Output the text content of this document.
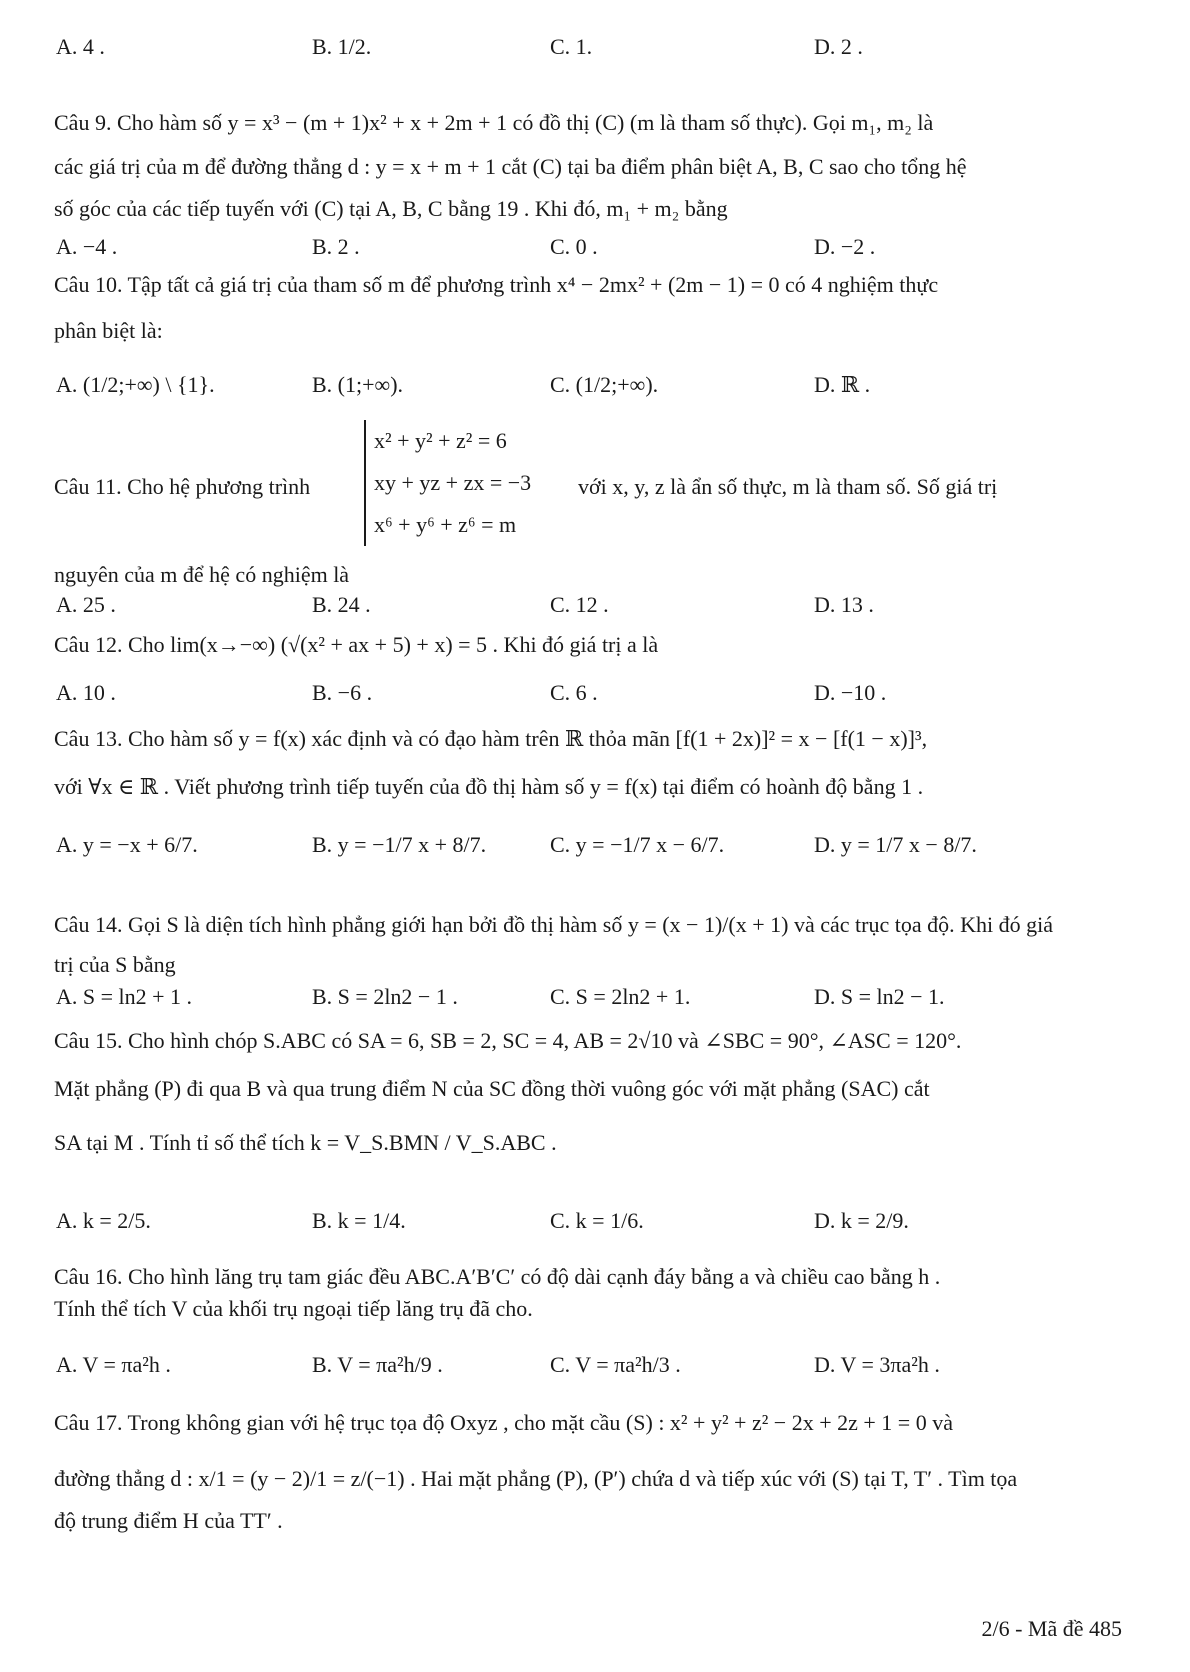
A. 4 .	B. 1/2.	C. 1.	D. 2 .
Câu 9. Cho hàm số y = x³ − (m + 1)x² + x + 2m + 1 có đồ thị (C) (m là tham số thực). Gọi m₁, m₂ là
các giá trị của m để đường thẳng d : y = x + m + 1 cắt (C) tại ba điểm phân biệt A, B, C sao cho tổng hệ
số góc của các tiếp tuyến với (C) tại A, B, C bằng 19 . Khi đó, m₁ + m₂ bằng
A. −4 .	B. 2 .	C. 0 .	D. −2 .
Câu 10. Tập tất cả giá trị của tham số m để phương trình x⁴ − 2mx² + (2m − 1) = 0 có 4 nghiệm thực
phân biệt là:
A. (1/2;+∞) \ {1}.	B. (1;+∞).	C. (1/2;+∞).	D. ℝ .
Câu 11. Cho hệ phương trình
x² + y² + z² = 6
xy + yz + zx = −3
x⁶ + y⁶ + z⁶ = m
với x, y, z là ẩn số thực, m là tham số. Số giá trị
nguyên của m để hệ có nghiệm là
A. 25 .	B. 24 .	C. 12 .	D. 13 .
Câu 12. Cho lim(x→−∞) (√(x² + ax + 5) + x) = 5 . Khi đó giá trị a là
A. 10 .	B. −6 .	C. 6 .	D. −10 .
Câu 13. Cho hàm số y = f(x) xác định và có đạo hàm trên ℝ thỏa mãn [f(1 + 2x)]² = x − [f(1 − x)]³,
với ∀x ∈ ℝ . Viết phương trình tiếp tuyến của đồ thị hàm số y = f(x) tại điểm có hoành độ bằng 1 .
A. y = −x + 6/7.	B. y = −1/7 x + 8/7.	C. y = −1/7 x − 6/7.	D. y = 1/7 x − 8/7.
Câu 14. Gọi S là diện tích hình phẳng giới hạn bởi đồ thị hàm số y = (x − 1)/(x + 1) và các trục tọa độ. Khi đó giá
trị của S bằng
A. S = ln2 + 1 .	B. S = 2ln2 − 1 .	C. S = 2ln2 + 1.	D. S = ln2 − 1.
Câu 15. Cho hình chóp S.ABC có SA = 6, SB = 2, SC = 4, AB = 2√10 và ∠SBC = 90°, ∠ASC = 120°.
Mặt phẳng (P) đi qua B và qua trung điểm N của SC đồng thời vuông góc với mặt phẳng (SAC) cắt
SA tại M . Tính tỉ số thể tích k = V_S.BMN / V_S.ABC .
A. k = 2/5.	B. k = 1/4.	C. k = 1/6.	D. k = 2/9.
Câu 16. Cho hình lăng trụ tam giác đều ABC.A′B′C′ có độ dài cạnh đáy bằng a và chiều cao bằng h .
Tính thể tích V của khối trụ ngoại tiếp lăng trụ đã cho.
A. V = πa²h .	B. V = πa²h/9 .	C. V = πa²h/3 .	D. V = 3πa²h .
Câu 17. Trong không gian với hệ trục tọa độ Oxyz , cho mặt cầu (S) : x² + y² + z² − 2x + 2z + 1 = 0 và
đường thẳng d : x/1 = (y − 2)/1 = z/(−1) . Hai mặt phẳng (P), (P′) chứa d và tiếp xúc với (S) tại T, T′ . Tìm tọa
độ trung điểm H của TT′ .
2/6 - Mã đề 485
